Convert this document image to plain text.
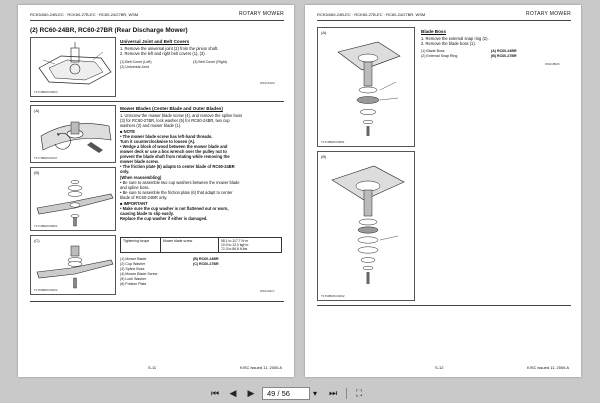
RCK54/60-24B-EC · RCK60-27B-EC · RC60-24/27BR, WSM	ROTARY MOWER
(2) RC60-24BR, RC60-27BR (Rear Discharge Mower)
T1710BMC00093
Universal Joint and Belt Covers
1. Remove the universal joint (2) from the pinion shaft.
2. Remove the left and right belt covers (1), (3).
(1) Belt Cover (Left)
(2) Universal Joint
(3) Belt Cover (Right)
W1015100
(A)
T1770BMC00107
(B)
T1710BMC00091
(C)
T1760BMC00202
Mower Blades (Center Blade and Outer Blades)
1. Unscrew the mower blade screw (4), and remove the spline boss
(3) for RC60-27BR, lock washer (5) for RC60-24BR, two cup
washers (2) and mower blade (1).
■ NOTE
• The mower blade screw has left-hand threads.
Turn it counterclockwise to loosen (A).
• Wedge a block of wood between the mower blade and
mower deck or use a box wrench over the pulley nut to
prevent the blade shaft from rotating while removing the
mower blade screw.
• The friction plate (6) adapts to center blade of RC60-24BR
only.
(When reassembling)
• Be sure to assemble two cup washers between the mower blade
and spline boss.
• Be sure to assemble the friction plate (6) that adapt to center
blade of RC60-24BR only.
■ IMPORTANT
• Make sure the cup washer is not flattened out or worn,
causing blade to slip easily.
Replace the cup washer if either is damaged.
Tightening torque	Mower blade screw	98.1 to 117.7 N·m
10.0 to 12.0 kgf·m
72.3 to 86.8 ft-lbs
(1) Mower Blade
(2) Cup Washer
(3) Spline Boss
(4) Mower Blade Screw
(5) Lock Washer
(6) Friction Plate
(B) RC60-24BR
(C) RC60-27BR
W1016217
S-11	KISC issued 11, 2006 A
RCK54/60-24B-EC · RCK60-27B-EC · RC60-24/27BR, WSM	ROTARY MOWER
(A)
T1710BMC00081
Blade Boss
1. Remove the external snap ring (2).
2. Remove the blade boss (1).
(1) Blade Boss
(2) External Snap Ring
(A) RC60-24BR
(B) RC60-27BR
W1018526
(B)
T1760BMC00202
S-12	KISC issued 11, 2006 A
⏮	◀	▶	49 / 56	▾	⏭	⛶
